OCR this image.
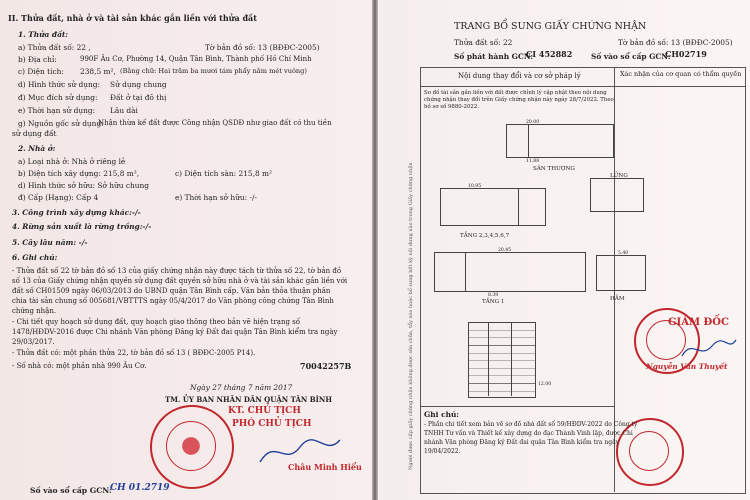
II. Thửa đất, nhà ở và tài sản khác gắn liền với thửa đất
1. Thửa đất:
a) Thửa đất số: 22 ,	Tờ bản đồ số: 13 (BĐĐC-2005)
b) Địa chỉ:	990F Âu Cơ, Phường 14, Quận Tân Bình, Thành phố Hồ Chí Minh
c) Diện tích: 238,5 m², (Bằng chữ: Hai trăm ba mươi tám phẩy năm mét vuông)
d) Hình thức sử dụng: Sử dụng chung
đ) Mục đích sử dụng: Đất ở tại đô thị
e) Thời hạn sử dụng: Lâu dài
g) Nguồn gốc sử dụng:
Nhận thừa kế đất được Công nhận QSDĐ như giao đất có thu tiền
sử dụng đất
2. Nhà ở:
a) Loại nhà ở: Nhà ở riêng lẻ
b) Diện tích xây dựng: 215,8 m²,	c) Diện tích sàn: 215,8 m²
d) Hình thức sở hữu: Sở hữu chung
đ) Cấp (Hạng): Cấp 4	e) Thời hạn sở hữu: -/-
3. Công trình xây dựng khác:-/-
4. Rừng sản xuất là rừng trồng:-/-
5. Cây lâu năm: -/-
6. Ghi chú:
- Thửa đất số 22 tờ bản đồ số 13 của giấy chứng nhận này được tách từ thửa số 22, tờ bản đồ
số 13 của Giấy chứng nhận quyền sử dụng đất quyền sở hữu nhà ở và tài sản khác gắn liền với
đất số CH01509 ngày 06/03/2013 do UBND quận Tân Bình cấp. Văn bản thỏa thuận phân
chia tài sản chung số 005681/VBTTTS ngày 05/4/2017 do Văn phòng công chứng Tân Bình
chứng nhận.
- Chi tiết quy hoạch sử dụng đất, quy hoạch giao thông theo bản vẽ hiện trạng số
1478/HĐDV-2016 được Chi nhánh Văn phòng Đăng ký Đất đai quận Tân Bình kiểm tra ngày
29/03/2017.
- Thửa đất có: một phần thửa 22, tờ bản đồ số 13 ( BĐĐC-2005 P14).
- Số nhà có: một phần nhà 990 Âu Cơ.	70042257B
Ngày 27 tháng 7 năm 2017
TM. ỦY BAN NHÂN DÂN QUẬN TÂN BÌNH
KT. CHỦ TỊCH
PHÓ CHỦ TỊCH
Châu Minh Hiểu
Số vào sổ cấp GCN:
CH 01.2719
TRANG BỔ SUNG GIẤY CHỨNG NHẬN
Thửa đất số: 22	Tờ bản đồ số: 13 (BĐĐC-2005)
Số phát hành GCN:
CI 452882	Số vào sổ cấp GCN:
CH02719
Nội dung thay đổi và cơ sở pháp lý	Xác nhận của cơ quan có thẩm quyền
So đồ tài sản gắn liền với đất được chỉnh lý cập nhật theo nội dung
chứng nhận thay đổi trên Giấy chứng nhận này ngày 28/7/2022. Theo
hồ sơ số 9880-2022.
SÂN THƯỢNG
20.00
11.88
TẦNG 2,3,4,5,6,7
10.95
LỬNG
TẦNG 1
20.45
8.39
HẦM
5.40
12.00
GIÁM ĐỐC
Nguyễn Văn Thuyết
Ghi chú:
- Phần chi tiết xem bản vẽ sơ đồ nhà đất số 59/HĐDV-2022 do Công ty
TNHH Tư vấn và Thiết kế xây dựng do đạc Thành Vinh lập, được Chi
nhánh Văn phòng Đăng ký Đất đai quận Tân Bình kiểm tra ngày
19/04/2022.
Người được cấp giấy chứng nhận không được sửa chữa, tẩy xóa hoặc bổ sung bất kỳ nội dung nào trong Giấy chứng nhận
